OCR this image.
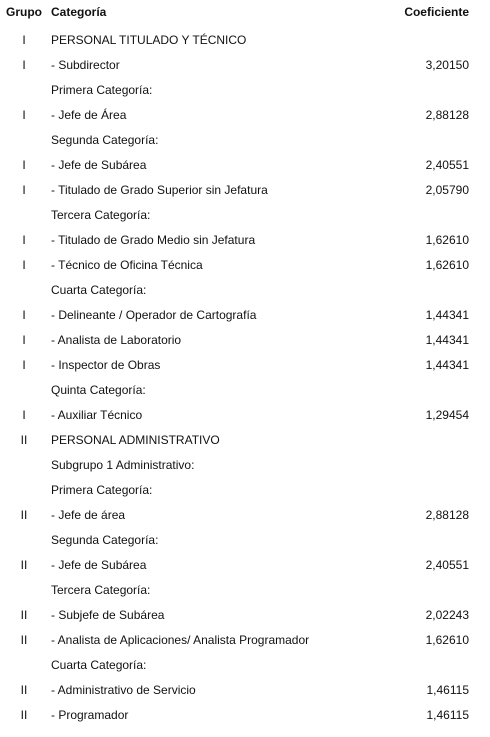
Grupo Categoría	Coeficiente
I	PERSONAL TITULADO Y TÉCNICO
I	- Subdirector	3,20150
Primera Categoría:
I	- Jefe de Área	2,88128
Segunda Categoría:
I	- Jefe de Subárea	2,40551
I	- Titulado de Grado Superior sin Jefatura	2,05790
Tercera Categoría:
I	- Titulado de Grado Medio sin Jefatura	1,62610
I	- Técnico de Oficina Técnica	1,62610
Cuarta Categoría:
I	- Delineante / Operador de Cartografía	1,44341
I	- Analista de Laboratorio	1,44341
I	- Inspector de Obras	1,44341
Quinta Categoría:
I	- Auxiliar Técnico	1,29454
II	PERSONAL ADMINISTRATIVO
Subgrupo 1 Administrativo:
Primera Categoría:
II	- Jefe de área	2,88128
Segunda Categoría:
II	- Jefe de Subárea	2,40551
Tercera Categoría:
II	- Subjefe de Subárea	2,02243
II	- Analista de Aplicaciones/ Analista Programador	1,62610
Cuarta Categoría:
II	- Administrativo de Servicio	1,46115
II	- Programador	1,46115
